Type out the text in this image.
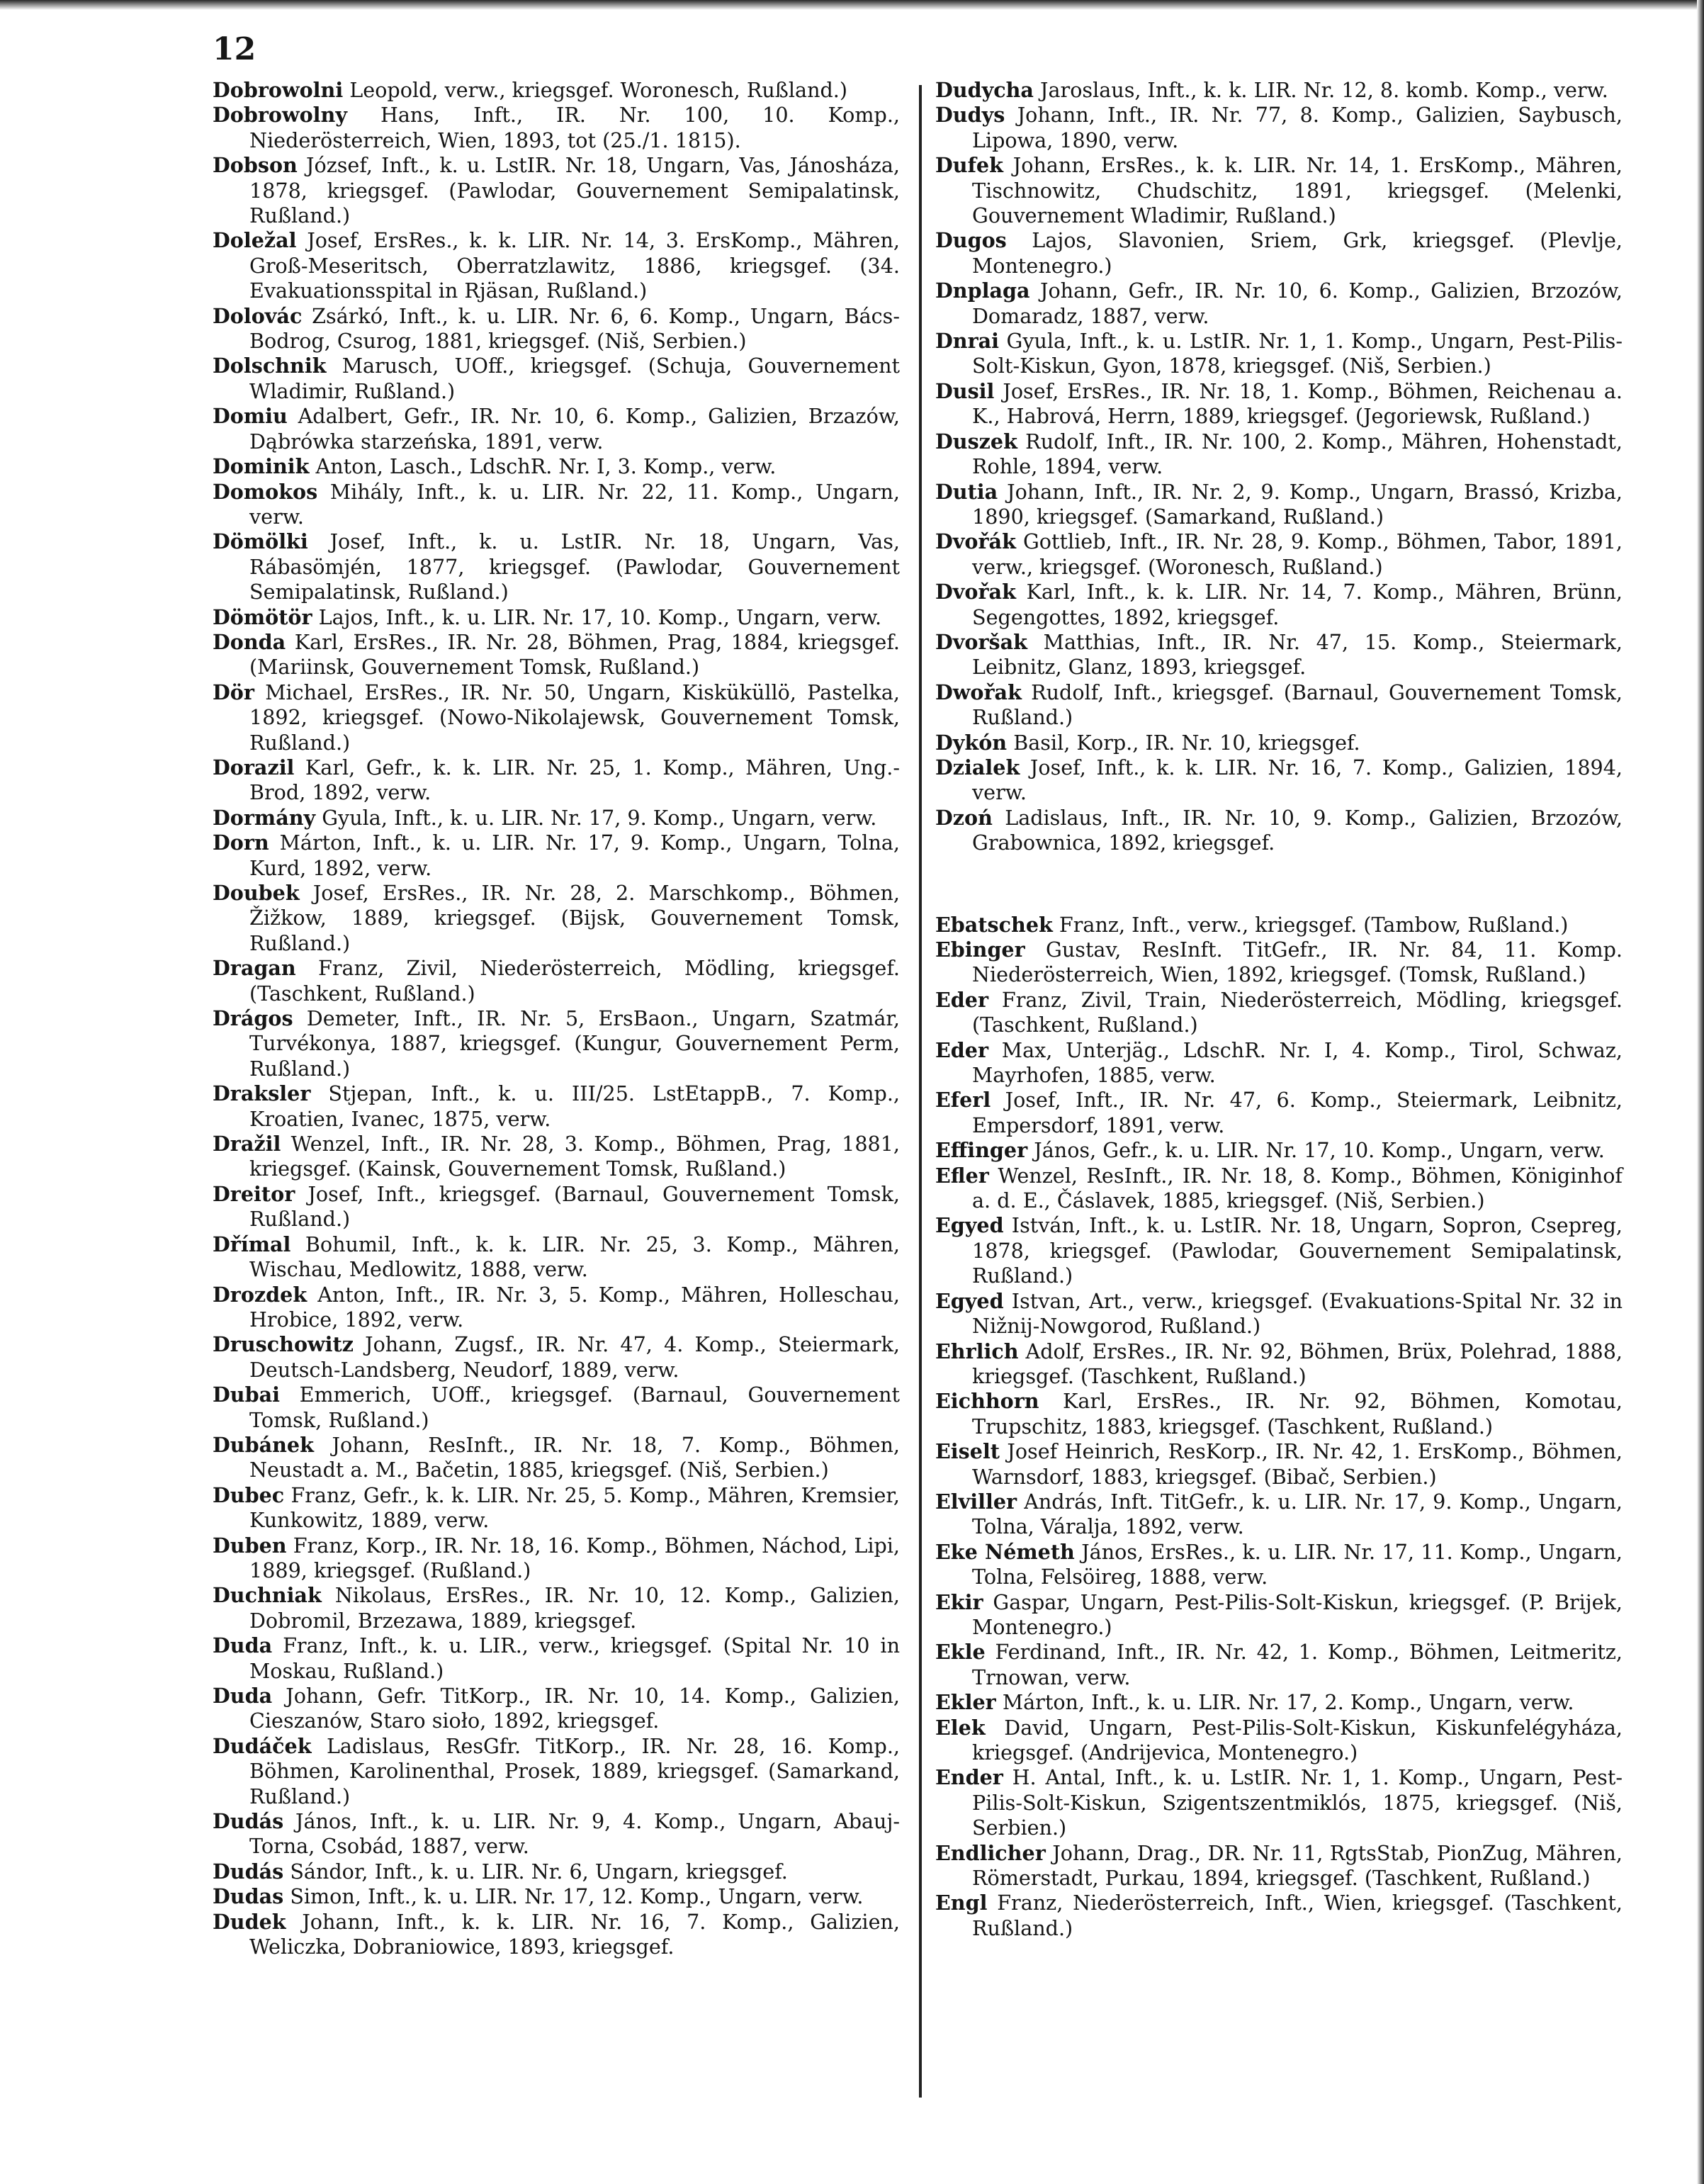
12

Dobrowolni Leopold, verw., kriegsgef. Woronesch, Rußland.)

Dobrowolny Hans, Inft., IR. Nr. 100, 10. Komp., Niederösterreich, Wien, 1893, tot (25./1. 1815).

Dobson József, Inft., k. u. LstIR. Nr. 18, Ungarn, Vas, Jánosháza, 1878, kriegsgef. (Pawlodar, Gouvernement Semipalatinsk, Rußland.)

Doležal Josef, ErsRes., k. k. LIR. Nr. 14, 3. ErsKomp., Mähren, Groß-Meseritsch, Oberratzlawitz, 1886, kriegsgef. (34. Evakuationsspital in Rjäsan, Rußland.)

Dolovác Zsárkó, Inft., k. u. LIR. Nr. 6, 6. Komp., Ungarn, Bács-Bodrog, Csurog, 1881, kriegsgef. (Niš, Serbien.)

Dolschnik Marusch, UOff., kriegsgef. (Schuja, Gouvernement Wladimir, Rußland.)

Domiu Adalbert, Gefr., IR. Nr. 10, 6. Komp., Galizien, Brzazów, Dąbrówka starzeńska, 1891, verw.

Dominik Anton, Lasch., LdschR. Nr. I, 3. Komp., verw.

Domokos Mihály, Inft., k. u. LIR. Nr. 22, 11. Komp., Ungarn, verw.

Dömölki Josef, Inft., k. u. LstIR. Nr. 18, Ungarn, Vas, Rábasömjén, 1877, kriegsgef. (Pawlodar, Gouvernement Semipalatinsk, Rußland.)

Dömötör Lajos, Inft., k. u. LIR. Nr. 17, 10. Komp., Ungarn, verw.

Donda Karl, ErsRes., IR. Nr. 28, Böhmen, Prag, 1884, kriegsgef. (Mariinsk, Gouvernement Tomsk, Rußland.)

Dör Michael, ErsRes., IR. Nr. 50, Ungarn, Kisküküllö, Pastelka, 1892, kriegsgef. (Nowo-Nikolajewsk, Gouvernement Tomsk, Rußland.)

Dorazil Karl, Gefr., k. k. LIR. Nr. 25, 1. Komp., Mähren, Ung.-Brod, 1892, verw.

Dormány Gyula, Inft., k. u. LIR. Nr. 17, 9. Komp., Ungarn, verw.

Dorn Márton, Inft., k. u. LIR. Nr. 17, 9. Komp., Ungarn, Tolna, Kurd, 1892, verw.

Doubek Josef, ErsRes., IR. Nr. 28, 2. Marschkomp., Böhmen, Žižkow, 1889, kriegsgef. (Bijsk, Gouvernement Tomsk, Rußland.)

Dragan Franz, Zivil, Niederösterreich, Mödling, kriegsgef. (Taschkent, Rußland.)

Drágos Demeter, Inft., IR. Nr. 5, ErsBaon., Ungarn, Szatmár, Turvékonya, 1887, kriegsgef. (Kungur, Gouvernement Perm, Rußland.)

Draksler Stjepan, Inft., k. u. III/25. LstEtappB., 7. Komp., Kroatien, Ivanec, 1875, verw.

Dražil Wenzel, Inft., IR. Nr. 28, 3. Komp., Böhmen, Prag, 1881, kriegsgef. (Kainsk, Gouvernement Tomsk, Rußland.)

Dreitor Josef, Inft., kriegsgef. (Barnaul, Gouvernement Tomsk, Rußland.)

Dřímal Bohumil, Inft., k. k. LIR. Nr. 25, 3. Komp., Mähren, Wischau, Medlowitz, 1888, verw.

Drozdek Anton, Inft., IR. Nr. 3, 5. Komp., Mähren, Holleschau, Hrobice, 1892, verw.

Druschowitz Johann, Zugsf., IR. Nr. 47, 4. Komp., Steiermark, Deutsch-Landsberg, Neudorf, 1889, verw.

Dubai Emmerich, UOff., kriegsgef. (Barnaul, Gouvernement Tomsk, Rußland.)

Dubánek Johann, ResInft., IR. Nr. 18, 7. Komp., Böhmen, Neustadt a. M., Bačetin, 1885, kriegsgef. (Niš, Serbien.)

Dubec Franz, Gefr., k. k. LIR. Nr. 25, 5. Komp., Mähren, Kremsier, Kunkowitz, 1889, verw.

Duben Franz, Korp., IR. Nr. 18, 16. Komp., Böhmen, Náchod, Lipi, 1889, kriegsgef. (Rußland.)

Duchniak Nikolaus, ErsRes., IR. Nr. 10, 12. Komp., Galizien, Dobromil, Brzezawa, 1889, kriegsgef.

Duda Franz, Inft., k. u. LIR., verw., kriegsgef. (Spital Nr. 10 in Moskau, Rußland.)

Duda Johann, Gefr. TitKorp., IR. Nr. 10, 14. Komp., Galizien, Cieszanów, Staro sioło, 1892, kriegsgef.

Dudáček Ladislaus, ResGfr. TitKorp., IR. Nr. 28, 16. Komp., Böhmen, Karolinenthal, Prosek, 1889, kriegsgef. (Samarkand, Rußland.)

Dudás János, Inft., k. u. LIR. Nr. 9, 4. Komp., Ungarn, Abauj-Torna, Csobád, 1887, verw.

Dudás Sándor, Inft., k. u. LIR. Nr. 6, Ungarn, kriegsgef.

Dudas Simon, Inft., k. u. LIR. Nr. 17, 12. Komp., Ungarn, verw.

Dudek Johann, Inft., k. k. LIR. Nr. 16, 7. Komp., Galizien, Weliczka, Dobraniowice, 1893, kriegsgef.

Dudycha Jaroslaus, Inft., k. k. LIR. Nr. 12, 8. komb. Komp., verw.

Dudys Johann, Inft., IR. Nr. 77, 8. Komp., Galizien, Saybusch, Lipowa, 1890, verw.

Dufek Johann, ErsRes., k. k. LIR. Nr. 14, 1. ErsKomp., Mähren, Tischnowitz, Chudschitz, 1891, kriegsgef. (Melenki, Gouvernement Wladimir, Rußland.)

Dugos Lajos, Slavonien, Sriem, Grk, kriegsgef. (Plevlje, Montenegro.)

Dnplaga Johann, Gefr., IR. Nr. 10, 6. Komp., Galizien, Brzozów, Domaradz, 1887, verw.

Dnrai Gyula, Inft., k. u. LstIR. Nr. 1, 1. Komp., Ungarn, Pest-Pilis-Solt-Kiskun, Gyon, 1878, kriegsgef. (Niš, Serbien.)

Dusil Josef, ErsRes., IR. Nr. 18, 1. Komp., Böhmen, Reichenau a. K., Habrová, Herrn, 1889, kriegsgef. (Jegoriewsk, Rußland.)

Duszek Rudolf, Inft., IR. Nr. 100, 2. Komp., Mähren, Hohenstadt, Rohle, 1894, verw.

Dutia Johann, Inft., IR. Nr. 2, 9. Komp., Ungarn, Brassó, Krizba, 1890, kriegsgef. (Samarkand, Rußland.)

Dvořák Gottlieb, Inft., IR. Nr. 28, 9. Komp., Böhmen, Tabor, 1891, verw., kriegsgef. (Woronesch, Rußland.)

Dvořak Karl, Inft., k. k. LIR. Nr. 14, 7. Komp., Mähren, Brünn, Segengottes, 1892, kriegsgef.

Dvoršak Matthias, Inft., IR. Nr. 47, 15. Komp., Steiermark, Leibnitz, Glanz, 1893, kriegsgef.

Dwořak Rudolf, Inft., kriegsgef. (Barnaul, Gouvernement Tomsk, Rußland.)

Dykón Basil, Korp., IR. Nr. 10, kriegsgef.

Dzialek Josef, Inft., k. k. LIR. Nr. 16, 7. Komp., Galizien, 1894, verw.

Dzoń Ladislaus, Inft., IR. Nr. 10, 9. Komp., Galizien, Brzozów, Grabownica, 1892, kriegsgef.

Ebatschek Franz, Inft., verw., kriegsgef. (Tambow, Rußland.)

Ebinger Gustav, ResInft. TitGefr., IR. Nr. 84, 11. Komp. Niederösterreich, Wien, 1892, kriegsgef. (Tomsk, Rußland.)

Eder Franz, Zivil, Train, Niederösterreich, Mödling, kriegsgef. (Taschkent, Rußland.)

Eder Max, Unterjäg., LdschR. Nr. I, 4. Komp., Tirol, Schwaz, Mayrhofen, 1885, verw.

Eferl Josef, Inft., IR. Nr. 47, 6. Komp., Steiermark, Leibnitz, Empersdorf, 1891, verw.

Effinger János, Gefr., k. u. LIR. Nr. 17, 10. Komp., Ungarn, verw.

Efler Wenzel, ResInft., IR. Nr. 18, 8. Komp., Böhmen, Königinhof a. d. E., Čáslavek, 1885, kriegsgef. (Niš, Serbien.)

Egyed István, Inft., k. u. LstIR. Nr. 18, Ungarn, Sopron, Csepreg, 1878, kriegsgef. (Pawlodar, Gouvernement Semipalatinsk, Rußland.)

Egyed Istvan, Art., verw., kriegsgef. (Evakuations-Spital Nr. 32 in Nižnij-Nowgorod, Rußland.)

Ehrlich Adolf, ErsRes., IR. Nr. 92, Böhmen, Brüx, Polehrad, 1888, kriegsgef. (Taschkent, Rußland.)

Eichhorn Karl, ErsRes., IR. Nr. 92, Böhmen, Komotau, Trupschitz, 1883, kriegsgef. (Taschkent, Rußland.)

Eiselt Josef Heinrich, ResKorp., IR. Nr. 42, 1. ErsKomp., Böhmen, Warnsdorf, 1883, kriegsgef. (Bibač, Serbien.)

Elviller András, Inft. TitGefr., k. u. LIR. Nr. 17, 9. Komp., Ungarn, Tolna, Váralja, 1892, verw.

Eke Németh János, ErsRes., k. u. LIR. Nr. 17, 11. Komp., Ungarn, Tolna, Felsöireg, 1888, verw.

Ekir Gaspar, Ungarn, Pest-Pilis-Solt-Kiskun, kriegsgef. (P. Brijek, Montenegro.)

Ekle Ferdinand, Inft., IR. Nr. 42, 1. Komp., Böhmen, Leitmeritz, Trnowan, verw.

Ekler Márton, Inft., k. u. LIR. Nr. 17, 2. Komp., Ungarn, verw.

Elek David, Ungarn, Pest-Pilis-Solt-Kiskun, Kiskunfelégyháza, kriegsgef. (Andrijevica, Montenegro.)

Ender H. Antal, Inft., k. u. LstIR. Nr. 1, 1. Komp., Ungarn, Pest-Pilis-Solt-Kiskun, Szigentszentmiklós, 1875, kriegsgef. (Niš, Serbien.)

Endlicher Johann, Drag., DR. Nr. 11, RgtsStab, PionZug, Mähren, Römerstadt, Purkau, 1894, kriegsgef. (Taschkent, Rußland.)

Engl Franz, Niederösterreich, Inft., Wien, kriegsgef. (Taschkent, Rußland.)
